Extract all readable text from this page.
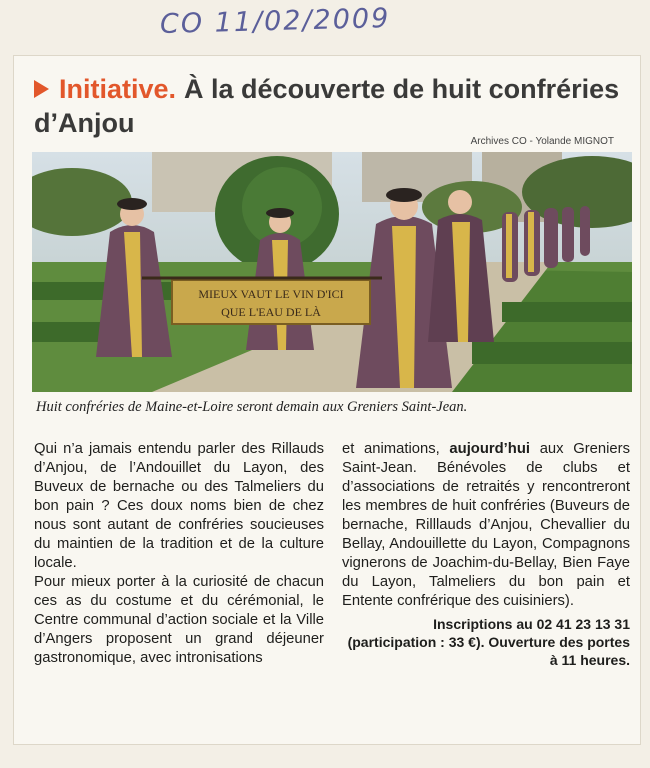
CO 11/02/2009
Initiative. À la découverte de huit confréries d’Anjou
Archives CO - Yolande MIGNOT
MIEUX VAUT LE VIN D'ICI
QUE L'EAU DE LÀ
Huit confréries de Maine-et-Loire seront demain aux Greniers Saint-Jean.
Qui n’a jamais entendu parler des Rillauds d’Anjou, de l’Andouillet du Layon, des Buveux de bernache ou des Talmeliers du bon pain ? Ces doux noms bien de chez nous sont autant de confréries soucieuses du maintien de la tradition et de la culture locale.
Pour mieux porter à la curiosité de chacun ces as du costume et du cérémonial, le Centre communal d’action sociale et la Ville d’Angers proposent un grand déjeuner gastronomique, avec intronisations
et animations, aujourd’hui aux Greniers Saint-Jean. Bénévoles de clubs et d’associations de retraités y rencontreront les membres de huit confréries (Buveurs de bernache, Rilllauds d’Anjou, Chevallier du Bellay, Andouillette du Layon, Compagnons vignerons de Joachim-du-Bellay, Bien Faye du Layon, Talmeliers du bon pain et Entente confrérique des cuisiniers).
Inscriptions au 02 41 23 13 31 (participation : 33 €). Ouverture des portes à 11 heures.
